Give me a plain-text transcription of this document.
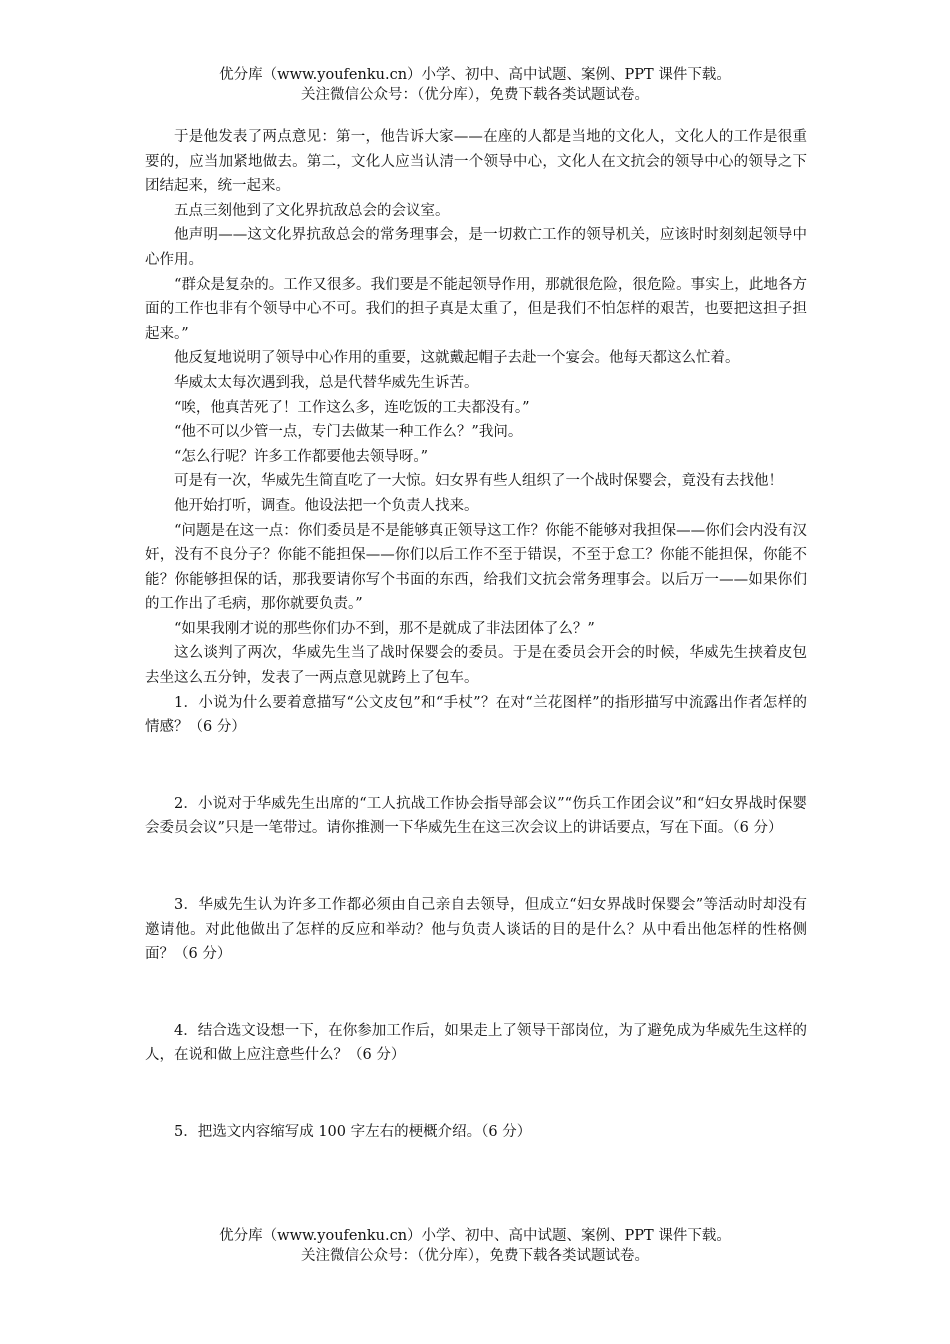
优分库（www.youfenku.cn）小学、初中、高中试题、案例、PPT 课件下载。
关注微信公众号：（优分库），免费下载各类试题试卷。

于是他发表了两点意见：第一，他告诉大家——在座的人都是当地的文化人，文化人的工作是很重要的，应当加紧地做去。第二，文化人应当认清一个领导中心，文化人在文抗会的领导中心的领导之下团结起来，统一起来。

五点三刻他到了文化界抗敌总会的会议室。

他声明——这文化界抗敌总会的常务理事会，是一切救亡工作的领导机关，应该时时刻刻起领导中心作用。

“群众是复杂的。工作又很多。我们要是不能起领导作用，那就很危险，很危险。事实上，此地各方面的工作也非有个领导中心不可。我们的担子真是太重了，但是我们不怕怎样的艰苦，也要把这担子担起来。”

他反复地说明了领导中心作用的重要，这就戴起帽子去赴一个宴会。他每天都这么忙着。

华威太太每次遇到我，总是代替华威先生诉苦。

“唉，他真苦死了！工作这么多，连吃饭的工夫都没有。”

“他不可以少管一点，专门去做某一种工作么？”我问。

“怎么行呢？许多工作都要他去领导呀。”

可是有一次，华威先生简直吃了一大惊。妇女界有些人组织了一个战时保婴会，竟没有去找他！

他开始打听，调查。他设法把一个负责人找来。

“问题是在这一点：你们委员是不是能够真正领导这工作？你能不能够对我担保——你们会内没有汉奸，没有不良分子？你能不能担保——你们以后工作不至于错误，不至于怠工？你能不能担保，你能不能？你能够担保的话，那我要请你写个书面的东西，给我们文抗会常务理事会。以后万一——如果你们的工作出了毛病，那你就要负责。”

“如果我刚才说的那些你们办不到，那不是就成了非法团体了么？”

这么谈判了两次，华威先生当了战时保婴会的委员。于是在委员会开会的时候，华威先生挟着皮包去坐这么五分钟，发表了一两点意见就跨上了包车。

1．小说为什么要着意描写“公文皮包”和“手杖”？在对“兰花图样”的指形描写中流露出作者怎样的情感？（6 分）

2．小说对于华威先生出席的“工人抗战工作协会指导部会议”“伤兵工作团会议”和“妇女界战时保婴会委员会议”只是一笔带过。请你推测一下华威先生在这三次会议上的讲话要点，写在下面。（6 分）

3．华威先生认为许多工作都必须由自己亲自去领导，但成立“妇女界战时保婴会”等活动时却没有邀请他。对此他做出了怎样的反应和举动？他与负责人谈话的目的是什么？从中看出他怎样的性格侧面？（6 分）

4．结合选文设想一下，在你参加工作后，如果走上了领导干部岗位，为了避免成为华威先生这样的人，在说和做上应注意些什么？（6 分）

5．把选文内容缩写成 100 字左右的梗概介绍。（6 分）

优分库（www.youfenku.cn）小学、初中、高中试题、案例、PPT 课件下载。
关注微信公众号：（优分库），免费下载各类试题试卷。
